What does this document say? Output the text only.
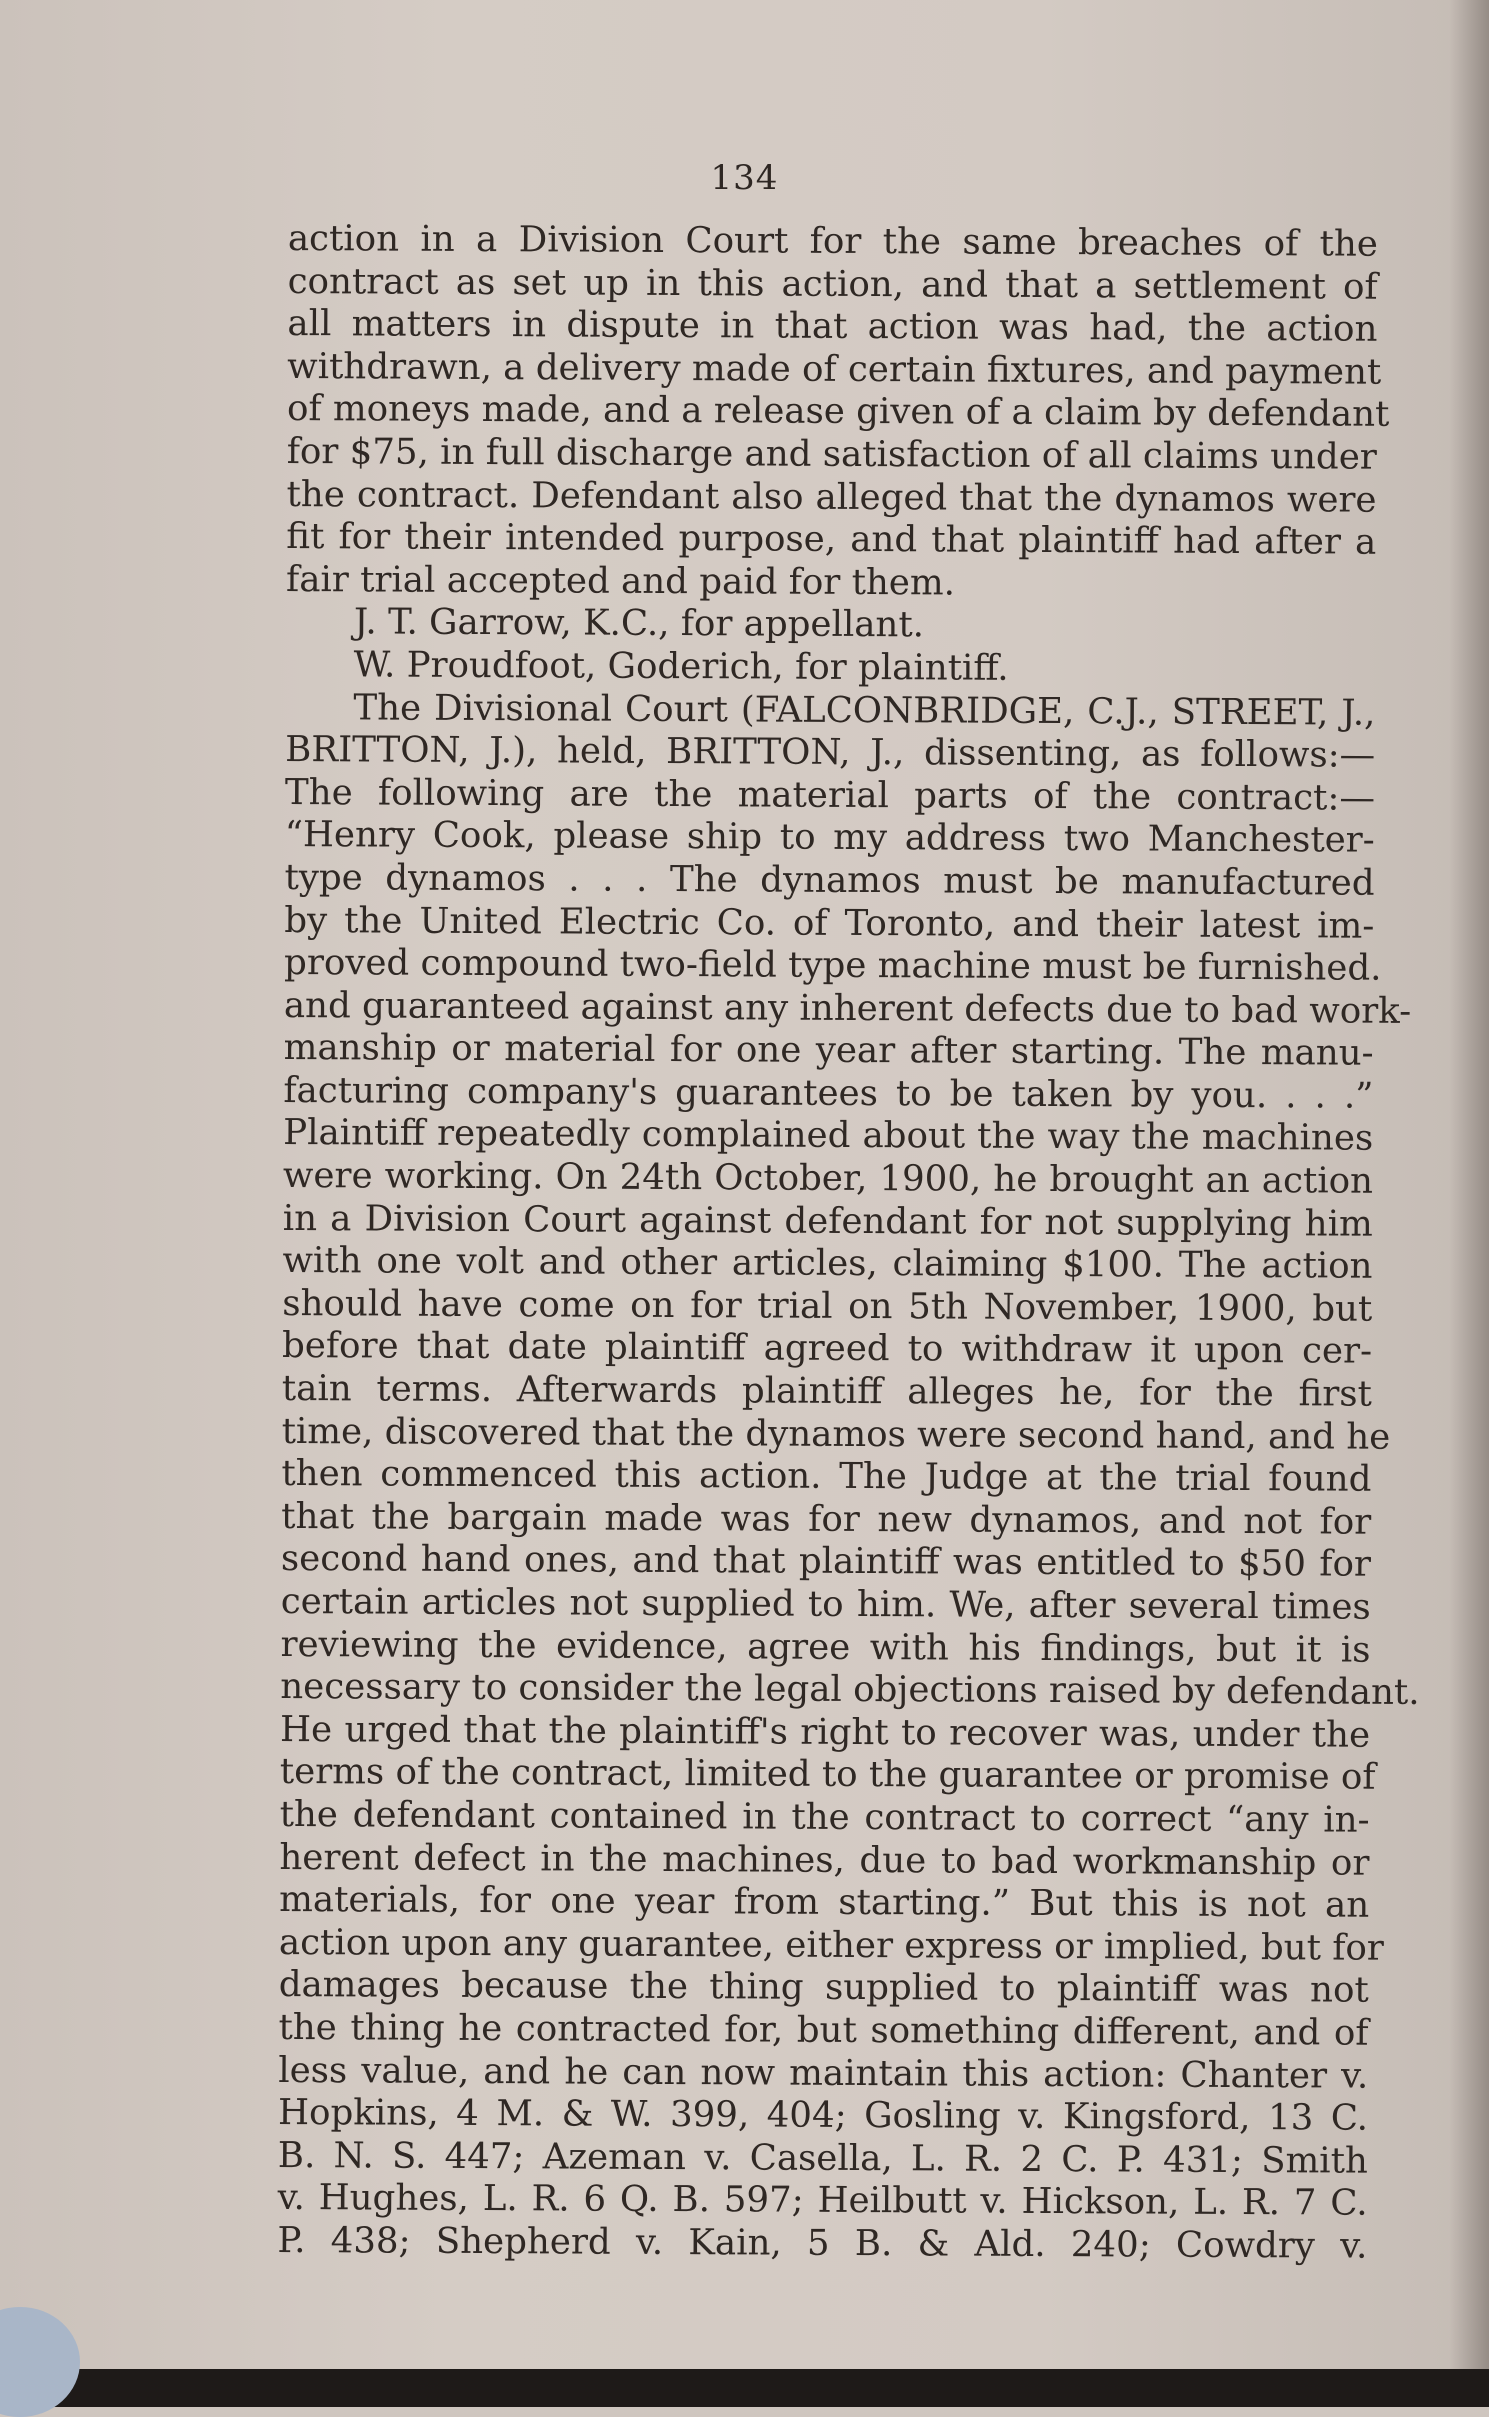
134
action in a Division Court for the same breaches of the
contract as set up in this action, and that a settlement of
all matters in dispute in that action was had, the action
withdrawn, a delivery made of certain fixtures, and payment
of moneys made, and a release given of a claim by defendant
for $75, in full discharge and satisfaction of all claims under
the contract. Defendant also alleged that the dynamos were
fit for their intended purpose, and that plaintiff had after a
fair trial accepted and paid for them.
J. T. Garrow, K.C., for appellant.
W. Proudfoot, Goderich, for plaintiff.
The Divisional Court (FALCONBRIDGE, C.J., STREET, J.,
BRITTON, J.), held, BRITTON, J., dissenting, as follows:—
The following are the material parts of the contract:—
“Henry Cook, please ship to my address two Manchester-
type dynamos . . . The dynamos must be manufactured
by the United Electric Co. of Toronto, and their latest im-
proved compound two-field type machine must be furnished.
and guaranteed against any inherent defects due to bad work-
manship or material for one year after starting. The manu-
facturing company's guarantees to be taken by you. . . .”
Plaintiff repeatedly complained about the way the machines
were working. On 24th October, 1900, he brought an action
in a Division Court against defendant for not supplying him
with one volt and other articles, claiming $100. The action
should have come on for trial on 5th November, 1900, but
before that date plaintiff agreed to withdraw it upon cer-
tain terms. Afterwards plaintiff alleges he, for the first
time, discovered that the dynamos were second hand, and he
then commenced this action. The Judge at the trial found
that the bargain made was for new dynamos, and not for
second hand ones, and that plaintiff was entitled to $50 for
certain articles not supplied to him. We, after several times
reviewing the evidence, agree with his findings, but it is
necessary to consider the legal objections raised by defendant.
He urged that the plaintiff's right to recover was, under the
terms of the contract, limited to the guarantee or promise of
the defendant contained in the contract to correct “any in-
herent defect in the machines, due to bad workmanship or
materials, for one year from starting.” But this is not an
action upon any guarantee, either express or implied, but for
damages because the thing supplied to plaintiff was not
the thing he contracted for, but something different, and of
less value, and he can now maintain this action: Chanter v.
Hopkins, 4 M. & W. 399, 404; Gosling v. Kingsford, 13 C.
B. N. S. 447; Azeman v. Casella, L. R. 2 C. P. 431; Smith
v. Hughes, L. R. 6 Q. B. 597; Heilbutt v. Hickson, L. R. 7 C.
P. 438; Shepherd v. Kain, 5 B. & Ald. 240; Cowdry v.
